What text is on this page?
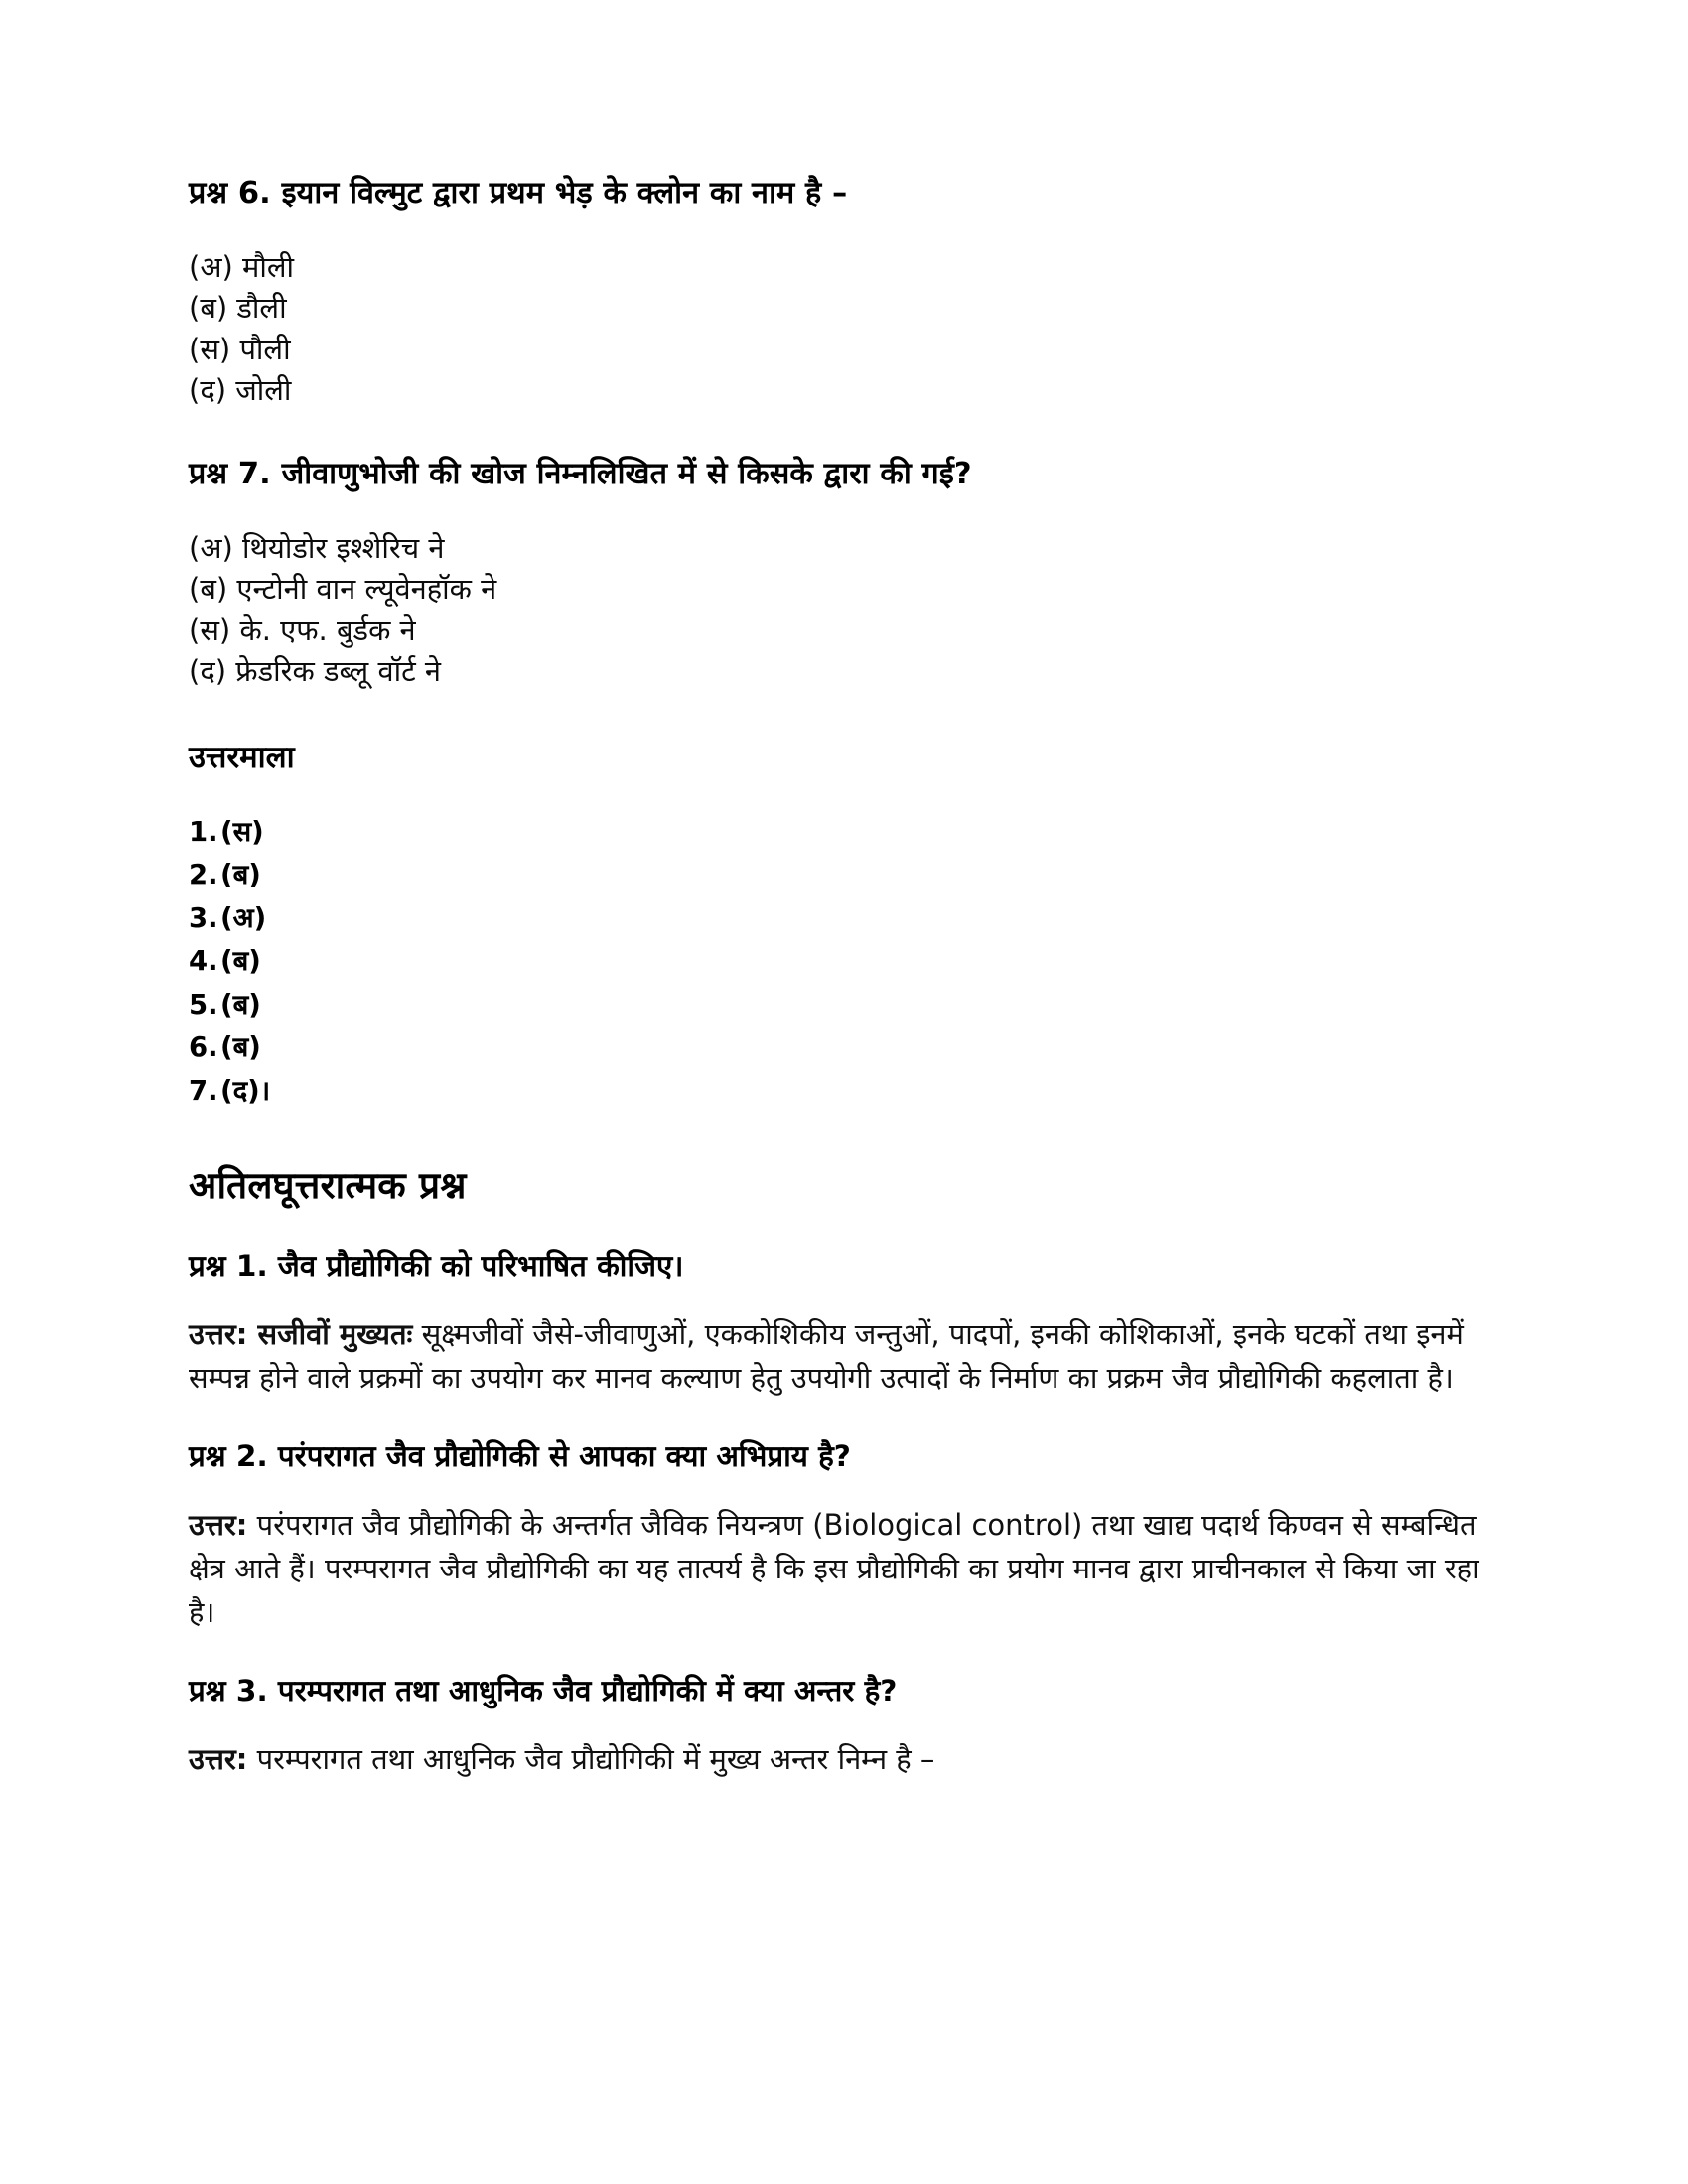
प्रश्न 6. इयान विल्मुट द्वारा प्रथम भेड़ के क्लोन का नाम है –

(अ) मौली
(ब) डौली
(स) पौली
(द) जोली

प्रश्न 7. जीवाणुभोजी की खोज निम्नलिखित में से किसके द्वारा की गई?

(अ) थियोडोर इश्शेरिच ने
(ब) एन्टोनी वान ल्यूवेनहॉक ने
(स) के. एफ. बुर्डक ने
(द) फ्रेडरिक डब्लू वॉर्ट ने

उत्तरमाला

1.(स)
2.(ब)
3.(अ)
4.(ब)
5.(ब)
6.(ब)
7.(द)।

अतिलघूत्तरात्मक प्रश्न

प्रश्न 1. जैव प्रौद्योगिकी को परिभाषित कीजिए।

उत्तर: सजीवों मुख्यतः सूक्ष्मजीवों जैसे-जीवाणुओं, एककोशिकीय जन्तुओं, पादपों, इनकी कोशिकाओं, इनके घटकों तथा इनमें सम्पन्न होने वाले प्रक्रमों का उपयोग कर मानव कल्याण हेतु उपयोगी उत्पादों के निर्माण का प्रक्रम जैव प्रौद्योगिकी कहलाता है।

प्रश्न 2. परंपरागत जैव प्रौद्योगिकी से आपका क्या अभिप्राय है?

उत्तर: परंपरागत जैव प्रौद्योगिकी के अन्तर्गत जैविक नियन्त्रण (Biological control) तथा खाद्य पदार्थ किण्वन से सम्बन्धित क्षेत्र आते हैं। परम्परागत जैव प्रौद्योगिकी का यह तात्पर्य है कि इस प्रौद्योगिकी का प्रयोग मानव द्वारा प्राचीनकाल से किया जा रहा है।

प्रश्न 3. परम्परागत तथा आधुनिक जैव प्रौद्योगिकी में क्या अन्तर है?

उत्तर: परम्परागत तथा आधुनिक जैव प्रौद्योगिकी में मुख्य अन्तर निम्न है –
